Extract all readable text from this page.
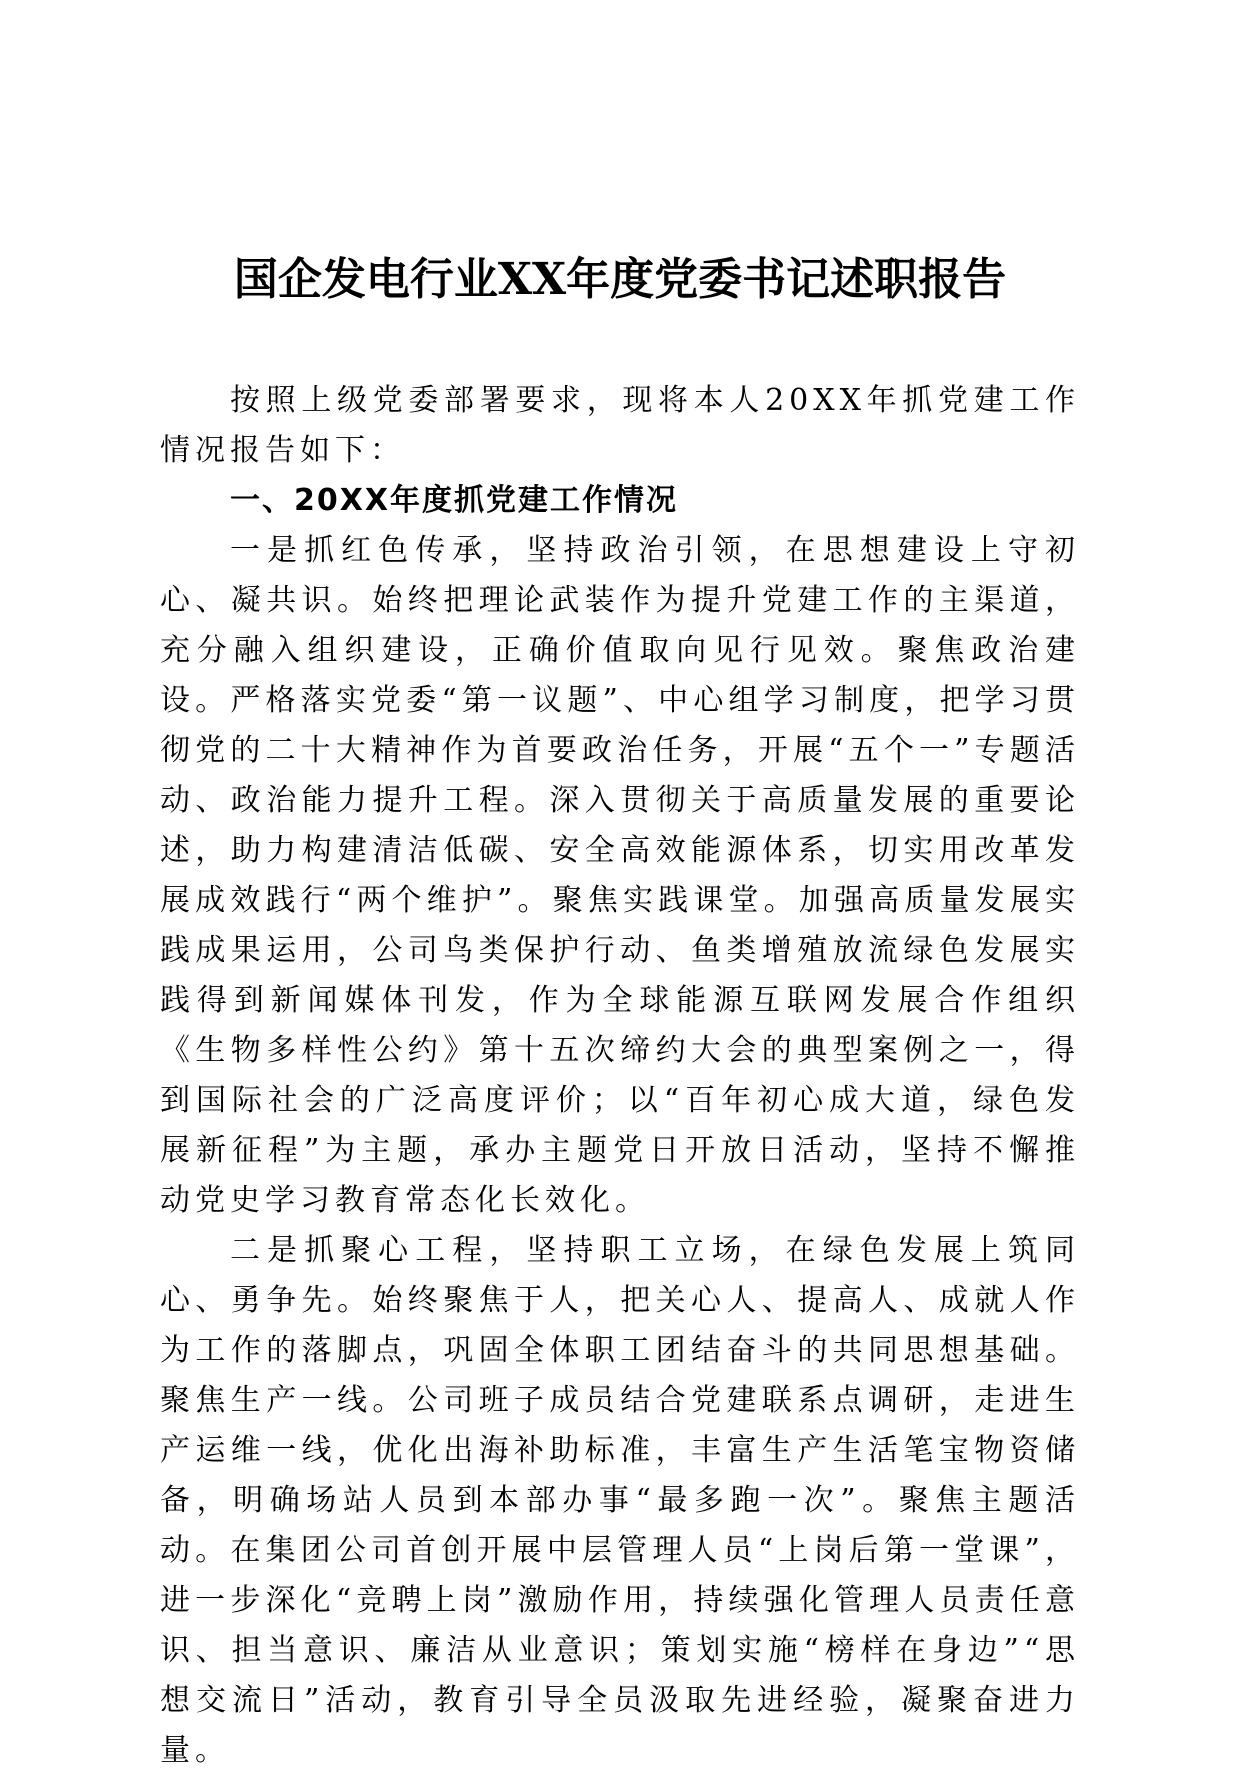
国企发电行业XX年度党委书记述职报告

按照上级党委部署要求，现将本人20XX年抓党建工作情况报告如下：

一、20XX年度抓党建工作情况

一是抓红色传承，坚持政治引领，在思想建设上守初心、凝共识。始终把理论武装作为提升党建工作的主渠道，充分融入组织建设，正确价值取向见行见效。聚焦政治建设。严格落实党委“第一议题”、中心组学习制度，把学习贯彻党的二十大精神作为首要政治任务，开展“五个一”专题活动、政治能力提升工程。深入贯彻关于高质量发展的重要论述，助力构建清洁低碳、安全高效能源体系，切实用改革发展成效践行“两个维护”。聚焦实践课堂。加强高质量发展实践成果运用，公司鸟类保护行动、鱼类增殖放流绿色发展实践得到新闻媒体刊发，作为全球能源互联网发展合作组织《生物多样性公约》第十五次缔约大会的典型案例之一，得到国际社会的广泛高度评价；以“百年初心成大道，绿色发展新征程”为主题，承办主题党日开放日活动，坚持不懈推动党史学习教育常态化长效化。

二是抓聚心工程，坚持职工立场，在绿色发展上筑同心、勇争先。始终聚焦于人，把关心人、提高人、成就人作为工作的落脚点，巩固全体职工团结奋斗的共同思想基础。聚焦生产一线。公司班子成员结合党建联系点调研，走进生产运维一线，优化出海补助标准，丰富生产生活笔宝物资储备，明确场站人员到本部办事“最多跑一次”。聚焦主题活动。在集团公司首创开展中层管理人员“上岗后第一堂课”，进一步深化“竞聘上岗”激励作用，持续强化管理人员责任意识、担当意识、廉洁从业意识；策划实施“榜样在身边”“思想交流日”活动，教育引导全员汲取先进经验，凝聚奋进力量。
